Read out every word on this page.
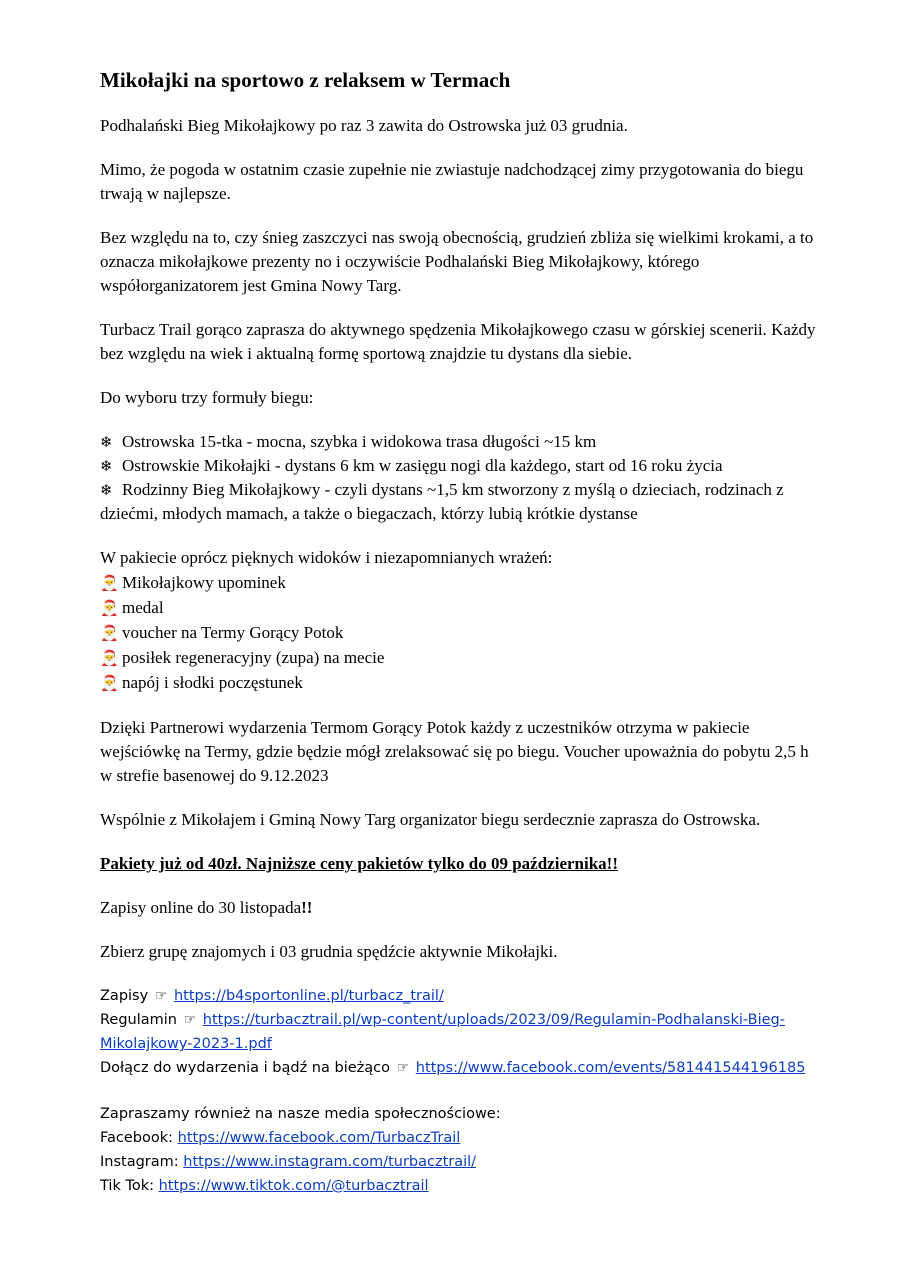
Mikołajki na sportowo z relaksem w Termach

Podhalański Bieg Mikołajkowy po raz 3 zawita do Ostrowska już 03 grudnia.

Mimo, że pogoda w ostatnim czasie zupełnie nie zwiastuje nadchodzącej zimy przygotowania do biegu trwają w najlepsze.

Bez względu na to, czy śnieg zaszczyci nas swoją obecnością, grudzień zbliża się wielkimi krokami, a to oznacza mikołajkowe prezenty no i oczywiście Podhalański Bieg Mikołajkowy, którego współorganizatorem jest Gmina Nowy Targ.

Turbacz Trail gorąco zaprasza do aktywnego spędzenia Mikołajkowego czasu w górskiej scenerii. Każdy bez względu na wiek i aktualną formę sportową znajdzie tu dystans dla siebie.

Do wyboru trzy formuły biegu:

❄ Ostrowska 15-tka - mocna, szybka i widokowa trasa długości ~15 km
❄ Ostrowskie Mikołajki - dystans 6 km w zasięgu nogi dla każdego, start od 16 roku życia
❄ Rodzinny Bieg Mikołajkowy - czyli dystans ~1,5 km stworzony z myślą o dzieciach, rodzinach z dziećmi, młodych mamach, a także o biegaczach, którzy lubią krótkie dystanse
W pakiecie oprócz pięknych widoków i niezapomnianych wrażeń:
🎅 Mikołajkowy upominek
🎅 medal
🎅 voucher na Termy Gorący Potok
🎅 posiłek regeneracyjny (zupa) na mecie
🎅 napój i słodki poczęstunek

Dzięki Partnerowi wydarzenia Termom Gorący Potok każdy z uczestników otrzyma w pakiecie wejściówkę na Termy, gdzie będzie mógł zrelaksować się po biegu. Voucher upoważnia do pobytu 2,5 h w strefie basenowej do 9.12.2023

Wspólnie z Mikołajem i Gminą Nowy Targ organizator biegu serdecznie zaprasza do Ostrowska.

Pakiety już od 40zł. Najniższe ceny pakietów tylko do 09 października!!

Zapisy online do 30 listopada!!

Zbierz grupę znajomych i 03 grudnia spędźcie aktywnie Mikołajki.

Zapisy ☞ https://b4sportonline.pl/turbacz_trail/
Regulamin ☞ https://turbacztrail.pl/wp-content/uploads/2023/09/Regulamin-Podhalanski-Bieg-
Mikolajkowy-2023-1.pdf
Dołącz do wydarzenia i bądź na bieżąco ☞ https://www.facebook.com/events/581441544196185
Zapraszamy również na nasze media społecznościowe:
Facebook: https://www.facebook.com/TurbaczTrail
Instagram: https://www.instagram.com/turbacztrail/
Tik Tok: https://www.tiktok.com/@turbacztrail
